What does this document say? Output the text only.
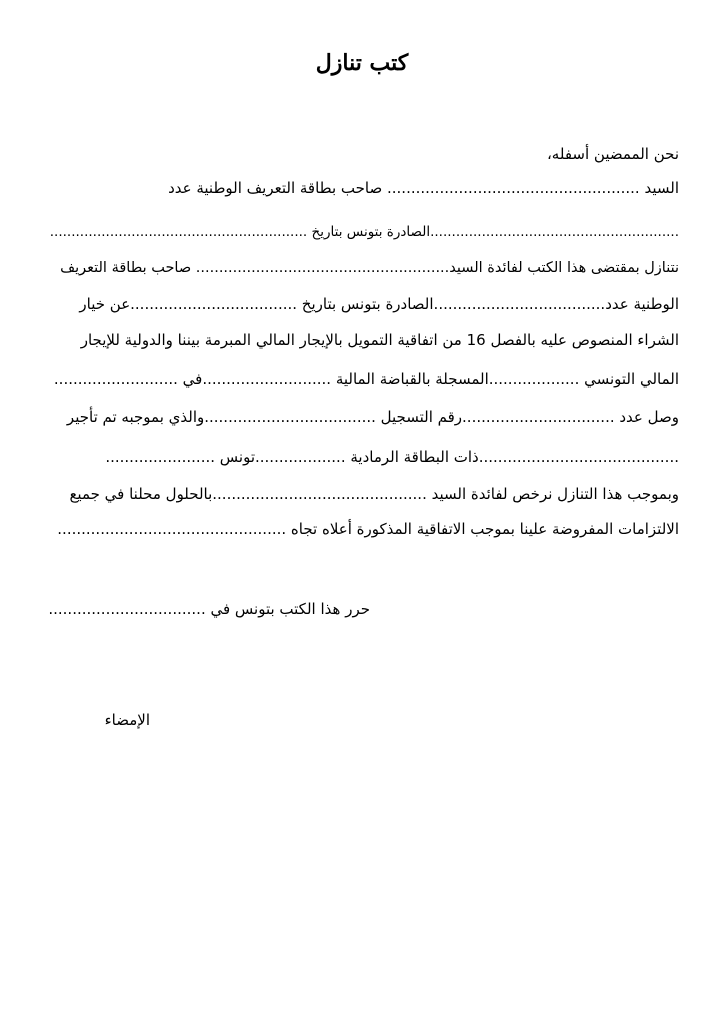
كتب تنازل
نحن الممضين أسفله،
السيد ..................................................... صاحب بطاقة التعريف الوطنية عدد
..........................................................الصادرة بتونس بتاريخ ............................................................
نتنازل بمقتضى هذا الكتب لفائدة السيد....................................................... صاحب بطاقة التعريف
الوطنية عدد....................................الصادرة بتونس بتاريخ ...................................عن خيار
الشراء المنصوص عليه بالفصل 16 من اتفاقية التمويل بالإيجار المالي المبرمة بيننا والدولية للإيجار
المالي التونسي ...................المسجلة بالقباضة المالية ...........................في ..........................
وصل عدد ................................رقم التسجيل ....................................والذي بموجبه تم تأجير
..........................................ذات البطاقة الرمادية ...................تونس .......................
وبموجب هذا التنازل نرخص لفائدة السيد .............................................بالحلول محلنا في جميع
الالتزامات المفروضة علينا بموجب الاتفاقية المذكورة أعلاه تجاه ................................................
حرر هذا الكتب بتونس في .................................
الإمضاء
